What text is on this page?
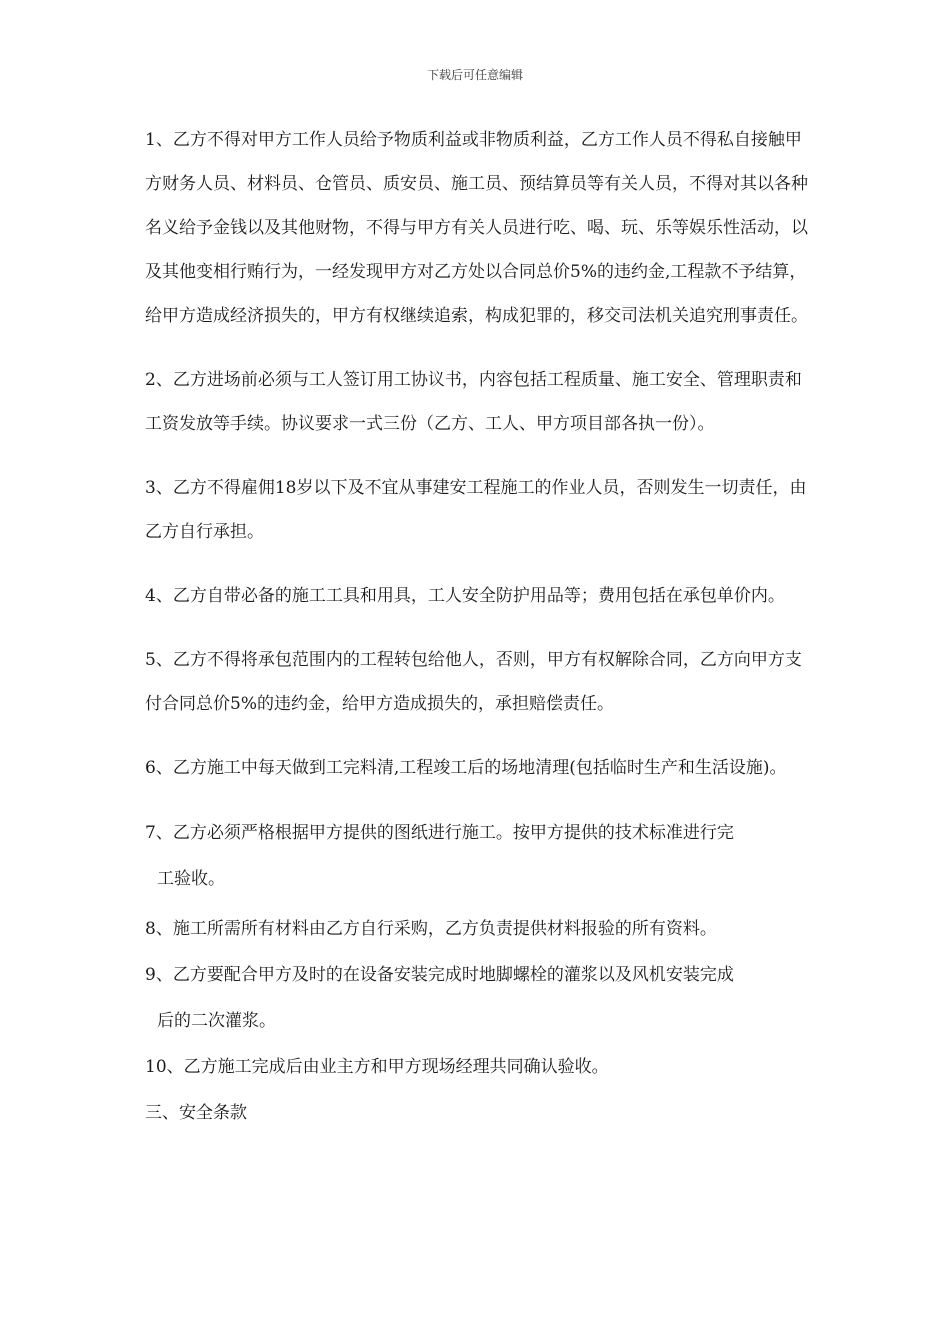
下载后可任意编辑

1、乙方不得对甲方工作人员给予物质利益或非物质利益，乙方工作人员不得私自接触甲方财务人员、材料员、仓管员、质安员、施工员、预结算员等有关人员，不得对其以各种名义给予金钱以及其他财物，不得与甲方有关人员进行吃、喝、玩、乐等娱乐性活动，以及其他变相行贿行为，一经发现甲方对乙方处以合同总价5%的违约金,工程款不予结算，给甲方造成经济损失的，甲方有权继续追索，构成犯罪的，移交司法机关追究刑事责任。

2、乙方进场前必须与工人签订用工协议书，内容包括工程质量、施工安全、管理职责和工资发放等手续。协议要求一式三份（乙方、工人、甲方项目部各执一份）。

3、乙方不得雇佣18岁以下及不宜从事建安工程施工的作业人员，否则发生一切责任，由乙方自行承担。

4、乙方自带必备的施工工具和用具，工人安全防护用品等；费用包括在承包单价内。

5、乙方不得将承包范围内的工程转包给他人，否则，甲方有权解除合同，乙方向甲方支付合同总价5%的违约金，给甲方造成损失的，承担赔偿责任。

6、乙方施工中每天做到工完料清,工程竣工后的场地清理(包括临时生产和生活设施)。

7、乙方必须严格根据甲方提供的图纸进行施工。按甲方提供的技术标准进行完
工验收。
8、施工所需所有材料由乙方自行采购，乙方负责提供材料报验的所有资料。
9、乙方要配合甲方及时的在设备安装完成时地脚螺栓的灌浆以及风机安装完成
后的二次灌浆。
10、乙方施工完成后由业主方和甲方现场经理共同确认验收。
三、安全条款
